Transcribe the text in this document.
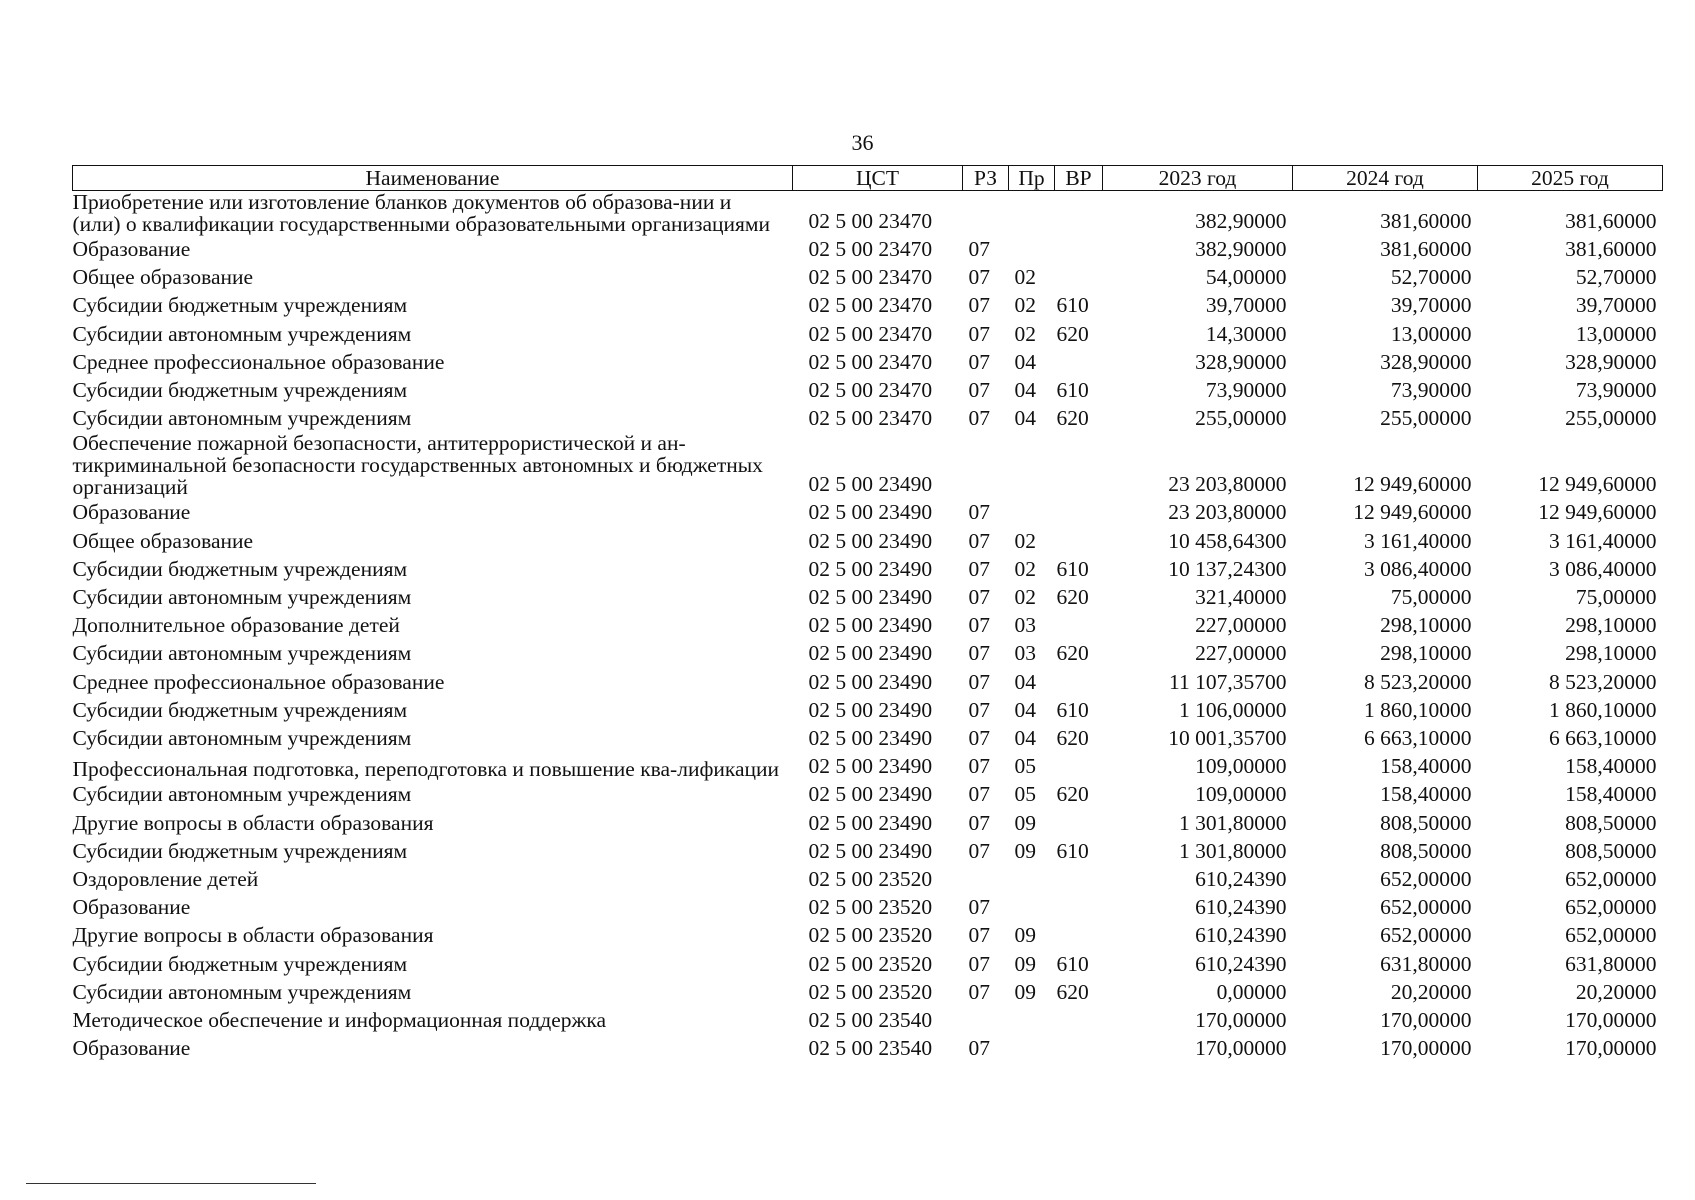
36
Наименование	ЦСТ	РЗ	Пр	ВР	2023 год	2024 год	2025 год
Приобретение или изготовление бланков документов об образова-нии и (или) о квалификации государственными образовательными организациями	02 5 00 23470				382,90000	381,60000	381,60000
Образование	02 5 00 23470	07			382,90000	381,60000	381,60000
Общее образование	02 5 00 23470	07	02		54,00000	52,70000	52,70000
Субсидии бюджетным учреждениям	02 5 00 23470	07	02	610	39,70000	39,70000	39,70000
Субсидии автономным учреждениям	02 5 00 23470	07	02	620	14,30000	13,00000	13,00000
Среднее профессиональное образование	02 5 00 23470	07	04		328,90000	328,90000	328,90000
Субсидии бюджетным учреждениям	02 5 00 23470	07	04	610	73,90000	73,90000	73,90000
Субсидии автономным учреждениям	02 5 00 23470	07	04	620	255,00000	255,00000	255,00000
Обеспечение пожарной безопасности, антитеррористической и ан-тикриминальной безопасности государственных автономных и бюджетных организаций	02 5 00 23490				23 203,80000	12 949,60000	12 949,60000
Образование	02 5 00 23490	07			23 203,80000	12 949,60000	12 949,60000
Общее образование	02 5 00 23490	07	02		10 458,64300	3 161,40000	3 161,40000
Субсидии бюджетным учреждениям	02 5 00 23490	07	02	610	10 137,24300	3 086,40000	3 086,40000
Субсидии автономным учреждениям	02 5 00 23490	07	02	620	321,40000	75,00000	75,00000
Дополнительное образование детей	02 5 00 23490	07	03		227,00000	298,10000	298,10000
Субсидии автономным учреждениям	02 5 00 23490	07	03	620	227,00000	298,10000	298,10000
Среднее профессиональное образование	02 5 00 23490	07	04		11 107,35700	8 523,20000	8 523,20000
Субсидии бюджетным учреждениям	02 5 00 23490	07	04	610	1 106,00000	1 860,10000	1 860,10000
Субсидии автономным учреждениям	02 5 00 23490	07	04	620	10 001,35700	6 663,10000	6 663,10000
Профессиональная подготовка, переподготовка и повышение ква-лификации	02 5 00 23490	07	05		109,00000	158,40000	158,40000
Субсидии автономным учреждениям	02 5 00 23490	07	05	620	109,00000	158,40000	158,40000
Другие вопросы в области образования	02 5 00 23490	07	09		1 301,80000	808,50000	808,50000
Субсидии бюджетным учреждениям	02 5 00 23490	07	09	610	1 301,80000	808,50000	808,50000
Оздоровление детей	02 5 00 23520				610,24390	652,00000	652,00000
Образование	02 5 00 23520	07			610,24390	652,00000	652,00000
Другие вопросы в области образования	02 5 00 23520	07	09		610,24390	652,00000	652,00000
Субсидии бюджетным учреждениям	02 5 00 23520	07	09	610	610,24390	631,80000	631,80000
Субсидии автономным учреждениям	02 5 00 23520	07	09	620	0,00000	20,20000	20,20000
Методическое обеспечение и информационная поддержка	02 5 00 23540				170,00000	170,00000	170,00000
Образование	02 5 00 23540	07			170,00000	170,00000	170,00000
